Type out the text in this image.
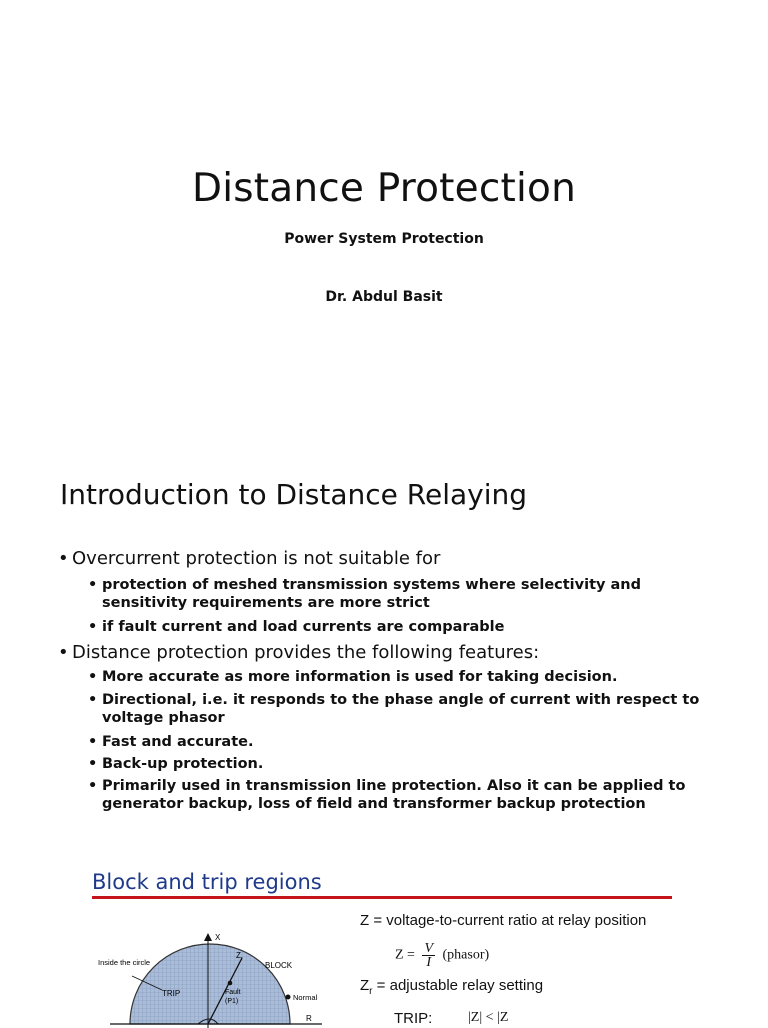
Distance Protection
Power System Protection
Dr. Abdul Basit
Introduction to Distance Relaying
• Overcurrent protection is not suitable for
• protection of meshed transmission systems where selectivity and sensitivity requirements are more strict
• if fault current and load currents are comparable
• Distance protection provides the following features:
• More accurate as more information is used for taking decision.
• Directional, i.e. it responds to the phase angle of current with respect to voltage phasor
• Fast and accurate.
• Back-up protection.
• Primarily used in transmission line protection. Also it can be applied to generator backup, loss of field and transformer backup protection
Block and trip regions
X
R
Inside the circle
TRIP
BLOCK
$Z_r$
Fault
(P1)	Normal
Z = voltage-to-current ratio at relay position
$Z = \frac{V}{I}$ (phasor)
$Z_r$ = adjustable relay setting
TRIP:	|Z| < |Z
